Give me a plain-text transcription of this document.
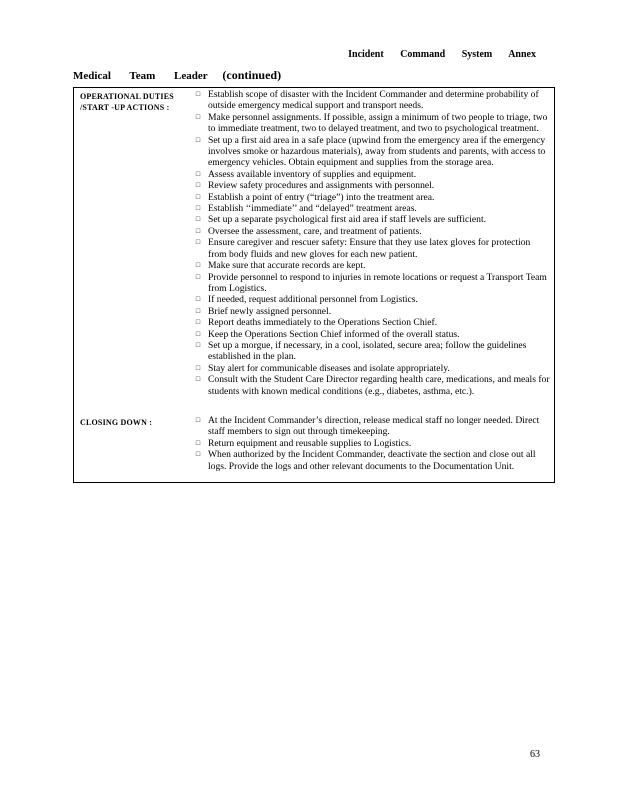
Incident Command System Annex
Medical Team Leader (continued)
OPERATIONAL DUTIES /START -UP ACTIONS :
□ Establish scope of disaster with the Incident Commander and determine probability of outside emergency medical support and transport needs.
□ Make personnel assignments. If possible, assign a minimum of two people to triage, two to immediate treatment, two to delayed treatment, and two to psychological treatment.
□ Set up a first aid area in a safe place (upwind from the emergency area if the emergency involves smoke or hazardous materials), away from students and parents, with access to emergency vehicles. Obtain equipment and supplies from the storage area.
□ Assess available inventory of supplies and equipment.
□ Review safety procedures and assignments with personnel.
□ Establish a point of entry (“triage”) into the treatment area.
□ Establish ‘‘immediate’’ and “delayed” treatment areas.
□ Set up a separate psychological first aid area if staff levels are sufficient.
□ Oversee the assessment, care, and treatment of patients.
□ Ensure caregiver and rescuer safety: Ensure that they use latex gloves for protection from body fluids and new gloves for each new patient.
□ Make sure that accurate records are kept.
□ Provide personnel to respond to injuries in remote locations or request a Transport Team from Logistics.
□ If needed, request additional personnel from Logistics.
□ Brief newly assigned personnel.
□ Report deaths immediately to the Operations Section Chief.
□ Keep the Operations Section Chief informed of the overall status.
□ Set up a morgue, if necessary, in a cool, isolated, secure area; follow the guidelines established in the plan.
□ Stay alert for communicable diseases and isolate appropriately.
□ Consult with the Student Care Director regarding health care, medications, and meals for students with known medical conditions (e.g., diabetes, asthma, etc.).
CLOSING DOWN :	□ At the Incident Commander’s direction, release medical staff no longer needed. Direct staff members to sign out through timekeeping.
□ Return equipment and reusable supplies to Logistics.
□ When authorized by the Incident Commander, deactivate the section and close out all logs. Provide the logs and other relevant documents to the Documentation Unit.
63
